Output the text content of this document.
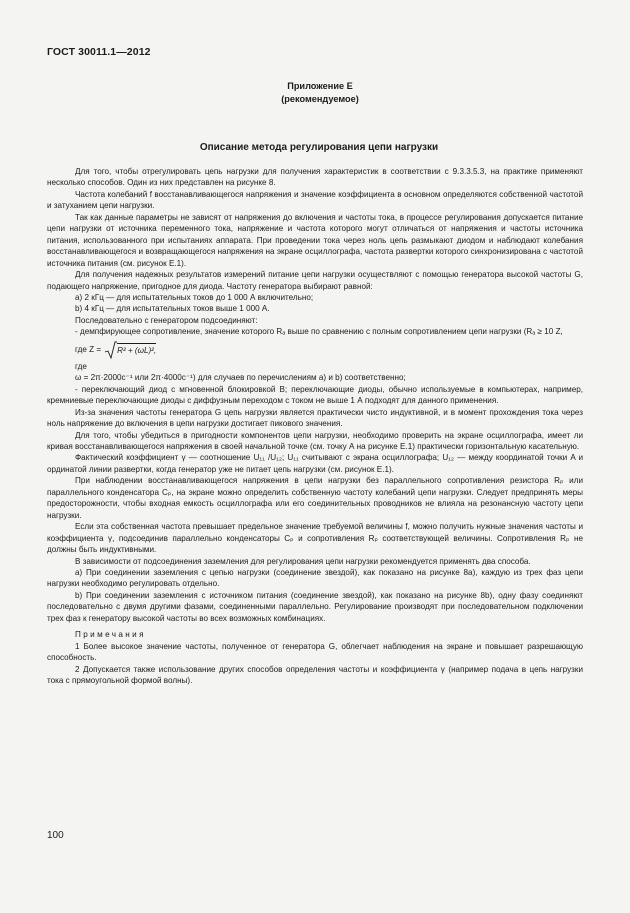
ГОСТ 30011.1—2012
Приложение Е
(рекомендуемое)
Описание метода регулирования цепи нагрузки

Для того, чтобы отрегулировать цепь нагрузки для получения характеристик в соответствии с 9.3.3.5.3, на практике применяют несколько способов. Один из них представлен на рисунке 8.

Частота колебаний f восстанавливающегося напряжения и значение коэффициента в основном определяются собственной частотой и затуханием цепи нагрузки.

Так как данные параметры не зависят от напряжения до включения и частоты тока, в процессе регулирования допускается питание цепи нагрузки от источника переменного тока, напряжение и частота которого могут отличаться от напряжения и частоты источника питания, использованного при испытаниях аппарата. При проведении тока через ноль цепь размыкают диодом и наблюдают колебания восстанавливающегося и возвращающегося напряжения на экране осциллографа, частота развертки которого синхронизирована с частотой источника питания (см. рисунок Е.1).

Для получения надежных результатов измерений питание цепи нагрузки осуществляют с помощью генератора высокой частоты G, подающего напряжение, пригодное для диода. Частоту генератора выбирают равной:

a) 2 кГц — для испытательных токов до 1 000 А включительно;

b) 4 кГц — для испытательных токов выше 1 000 А.

Последовательно с генератором подсоединяют:

- демпфирующее сопротивление, значение которого Rₐ выше по сравнению с полным сопротивлением цепи нагрузки (Rₐ ≥ 10 Z,

где Z = R² + (ωL)²,

где

ω = 2π·2000c⁻¹ или 2π·4000c⁻¹) для случаев по перечислениям a) и b) соответственно;

- переключающий диод с мгновенной блокировкой B; переключающие диоды, обычно используемые в компьютерах, например, кремниевые переключающие диоды с диффузным переходом с током не выше 1 А подходят для данного применения.

Из-за значения частоты генератора G цепь нагрузки является практически чисто индуктивной, и в момент прохождения тока через ноль напряжение до включения в цепи нагрузки достигает пикового значения.

Для того, чтобы убедиться в пригодности компонентов цепи нагрузки, необходимо проверить на экране осциллографа, имеет ли кривая восстанавливающегося напряжения в своей начальной точке (см. точку А на рисунке Е.1) практически горизонтальную касательную.

Фактический коэффициент γ — соотношение U₁₁ /U₁₂; U₁₁ считывают с экрана осциллографа; U₁₂ — между координатой точки A и ординатой линии развертки, когда генератор уже не питает цепь нагрузки (см. рисунок Е.1).

При наблюдении восстанавливающегося напряжения в цепи нагрузки без параллельного сопротивления резистора Rₚ или параллельного конденсатора Cₚ, на экране можно определить собственную частоту колебаний цепи нагрузки. Следует предпринять меры предосторожности, чтобы входная емкость осциллографа или его соединительных проводников не влияла на резонансную частоту цепи нагрузки.

Если эта собственная частота превышает предельное значение требуемой величины f, можно получить нужные значения частоты и коэффициента γ, подсоединив параллельно конденсаторы Cₚ и сопротивления Rₚ соответствующей величины. Сопротивления Rₚ не должны быть индуктивными.

В зависимости от подсоединения заземления для регулирования цепи нагрузки рекомендуется применять два способа.

a) При соединении заземления с цепью нагрузки (соединение звездой), как показано на рисунке 8a), каждую из трех фаз цепи нагрузки необходимо регулировать отдельно.

b) При соединении заземления с источником питания (соединение звездой), как показано на рисунке 8b), одну фазу соединяют последовательно с двумя другими фазами, соединенными параллельно. Регулирование производят при последовательном подключении трех фаз к генератору высокой частоты во всех возможных комбинациях.

Примечания

1 Более высокое значение частоты, полученное от генератора G, облегчает наблюдения на экране и повышает разрешающую способность.

2 Допускается также использование других способов определения частоты и коэффициента γ (например подача в цепь нагрузки тока с прямоугольной формой волны).

100
